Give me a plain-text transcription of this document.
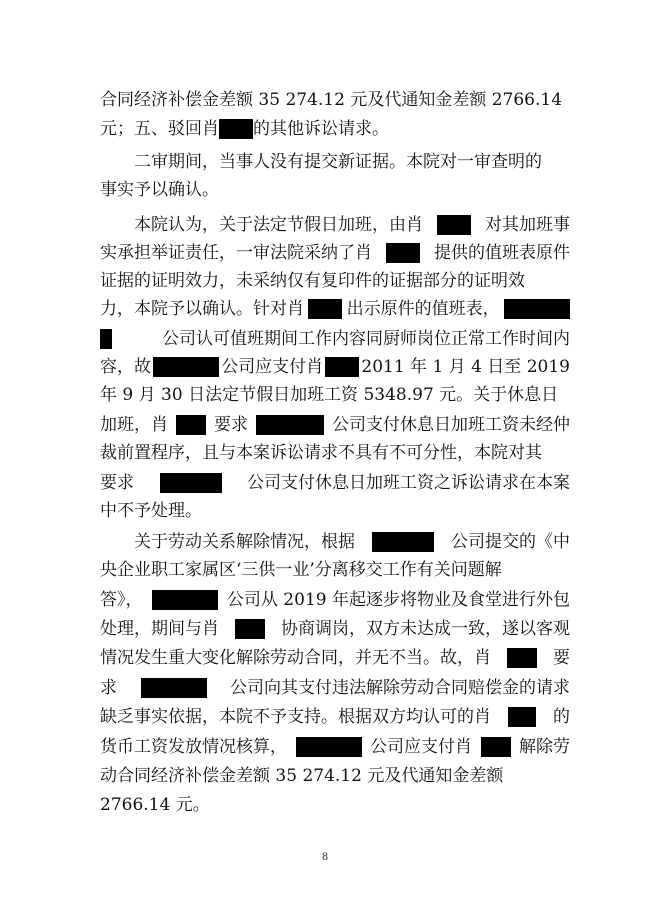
合同经济补偿金差额 35 274.12 元及代通知金差额 2766.14
元；五、驳回肖 的其他诉讼请求。
二审期间，当事人没有提交新证据。本院对一审查明的
事实予以确认。
本院认为，关于法定节假日加班，由肖	对其加班事
实承担举证责任，一审法院采纳了肖	提供的值班表原件
证据的证明效力，未采纳仅有复印件的证据部分的证明效
力，本院予以确认。针对肖	出示原件的值班表，
公司认可值班期间工作内容同厨师岗位正常工作时间内
容，故	公司应支付肖 2011 年 1 月 4 日至 2019
年 9 月 30 日法定节假日加班工资 5348.97 元。关于休息日
加班，肖	要求	公司支付休息日加班工资未经仲
裁前置程序，且与本案诉讼请求不具有不可分性，本院对其
要求	公司支付休息日加班工资之诉讼请求在本案
中不予处理。
关于劳动关系解除情况，根据	公司提交的《中
央企业职工家属区‘三供一业’分离移交工作有关问题解
答》，	公司从 2019 年起逐步将物业及食堂进行外包
处理，期间与肖	协商调岗，双方未达成一致，遂以客观
情况发生重大变化解除劳动合同，并无不当。故，肖	要
求	公司向其支付违法解除劳动合同赔偿金的请求
缺乏事实依据，本院不予支持。根据双方均认可的肖	的
货币工资发放情况核算，	公司应支付肖	解除劳
动合同经济补偿金差额 35 274.12 元及代通知金差额
2766.14 元。
8
